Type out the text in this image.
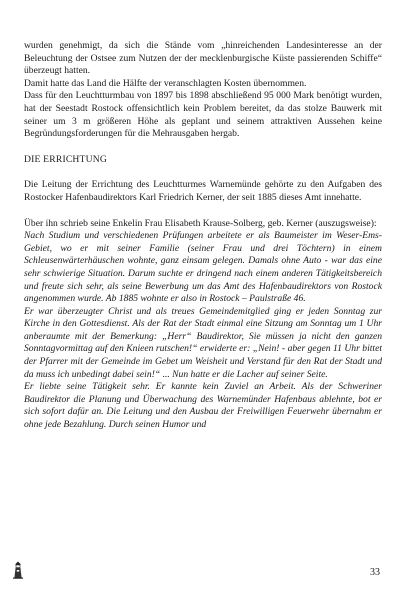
wurden genehmigt, da sich die Stände vom „hinreichenden Landesinteresse an der Beleuchtung der Ostsee zum Nutzen der der mecklenburgische Küste passierenden Schiffe“ überzeugt hatten.

Damit hatte das Land die Hälfte der veranschlagten Kosten übernommen.

Dass für den Leuchtturmbau von 1897 bis 1898 abschließend 95 000 Mark benötigt wurden, hat der Seestadt Rostock offensichtlich kein Problem bereitet, da das stolze Bauwerk mit seiner um 3 m größeren Höhe als geplant und seinem attraktiven Aussehen keine Begründungsforderungen für die Mehrausgaben hergab.

DIE ERRICHTUNG

Die Leitung der Errichtung des Leuchtturmes Warnemünde gehörte zu den Aufgaben des Rostocker Hafenbaudirektors Karl Friedrich Kerner, der seit 1885 dieses Amt innehatte.

Über ihn schrieb seine Enkelin Frau Elisabeth Krause-Solberg, geb. Kerner (auszugsweise):

Nach Studium und verschiedenen Prüfungen arbeitete er als Baumeister im Weser-Ems-Gebiet, wo er mit seiner Familie (seiner Frau und drei Töchtern) in einem Schleusenwärterhäuschen wohnte, ganz einsam gelegen. Damals ohne Auto - war das eine sehr schwierige Situation. Darum suchte er dringend nach einem anderen Tätigkeitsbereich und freute sich sehr, als seine Bewerbung um das Amt des Hafenbaudirektors von Rostock angenommen wurde. Ab 1885 wohnte er also in Rostock – Paulstraße 46.

Er war überzeugter Christ und als treues Gemeindemitglied ging er jeden Sonntag zur Kirche in den Gottesdienst. Als der Rat der Stadt einmal eine Sitzung am Sonntag um 1 Uhr anberaumte mit der Bemerkung: „Herr“ Baudirektor, Sie müssen ja nicht den ganzen Sonntagvormittag auf den Knieen rutschen!“ erwiderte er: „Nein! - aber gegen 11 Uhr bittet der Pfarrer mit der Gemeinde im Gebet um Weisheit und Verstand für den Rat der Stadt und da muss ich unbedingt dabei sein!“ ... Nun hatte er die Lacher auf seiner Seite.

Er liebte seine Tätigkeit sehr. Er kannte kein Zuviel an Arbeit. Als der Schweriner Baudirektor die Planung und Überwachung des Warnemünder Hafenbaus ablehnte, bot er sich sofort dafür an. Die Leitung und den Ausbau der Freiwilligen Feuerwehr übernahm er ohne jede Bezahlung. Durch seinen Humor und

33
